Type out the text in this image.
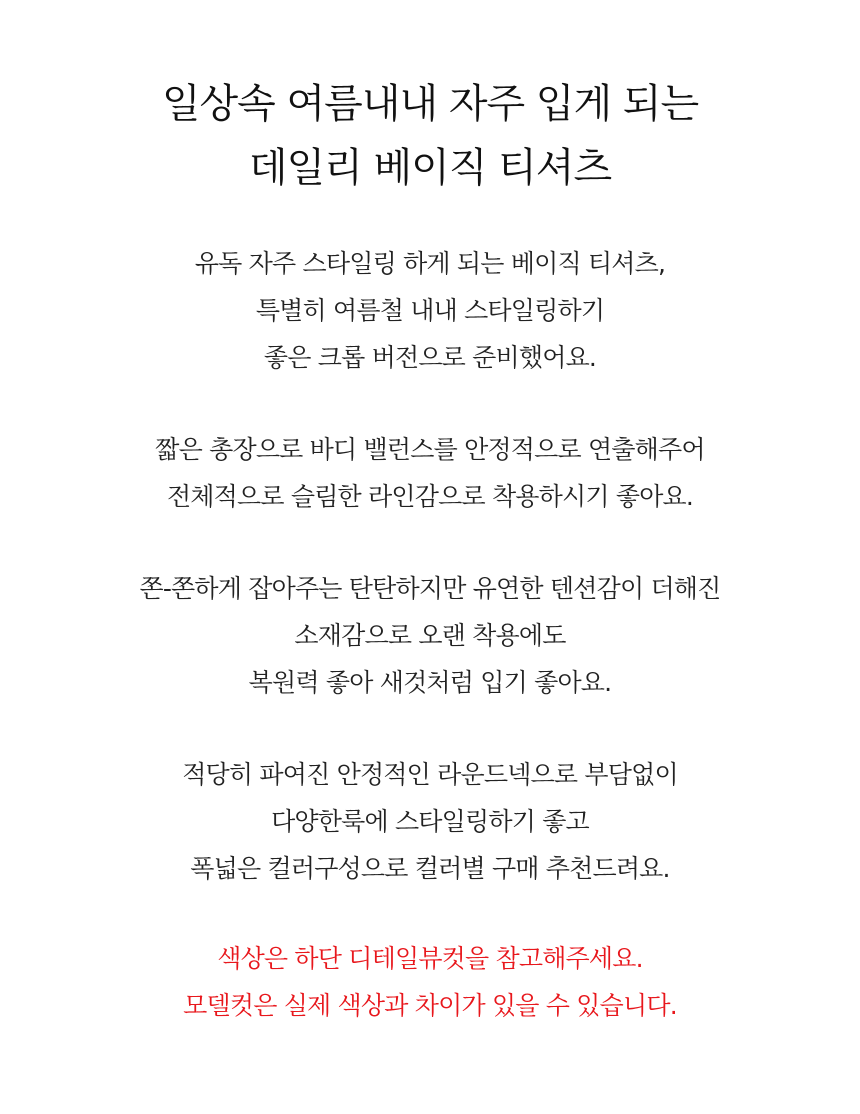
일상속 여름내내 자주 입게 되는
데일리 베이직 티셔츠

유독 자주 스타일링 하게 되는 베이직 티셔츠,
특별히 여름철 내내 스타일링하기
좋은 크롭 버전으로 준비했어요.

짧은 총장으로 바디 밸런스를 안정적으로 연출해주어
전체적으로 슬림한 라인감으로 착용하시기 좋아요.

쫀-쫀하게 잡아주는 탄탄하지만 유연한 텐션감이 더해진
소재감으로 오랜 착용에도
복원력 좋아 새것처럼 입기 좋아요.

적당히 파여진 안정적인 라운드넥으로 부담없이
다양한룩에 스타일링하기 좋고
폭넓은 컬러구성으로 컬러별 구매 추천드려요.

색상은 하단 디테일뷰컷을 참고해주세요.
모델컷은 실제 색상과 차이가 있을 수 있습니다.
